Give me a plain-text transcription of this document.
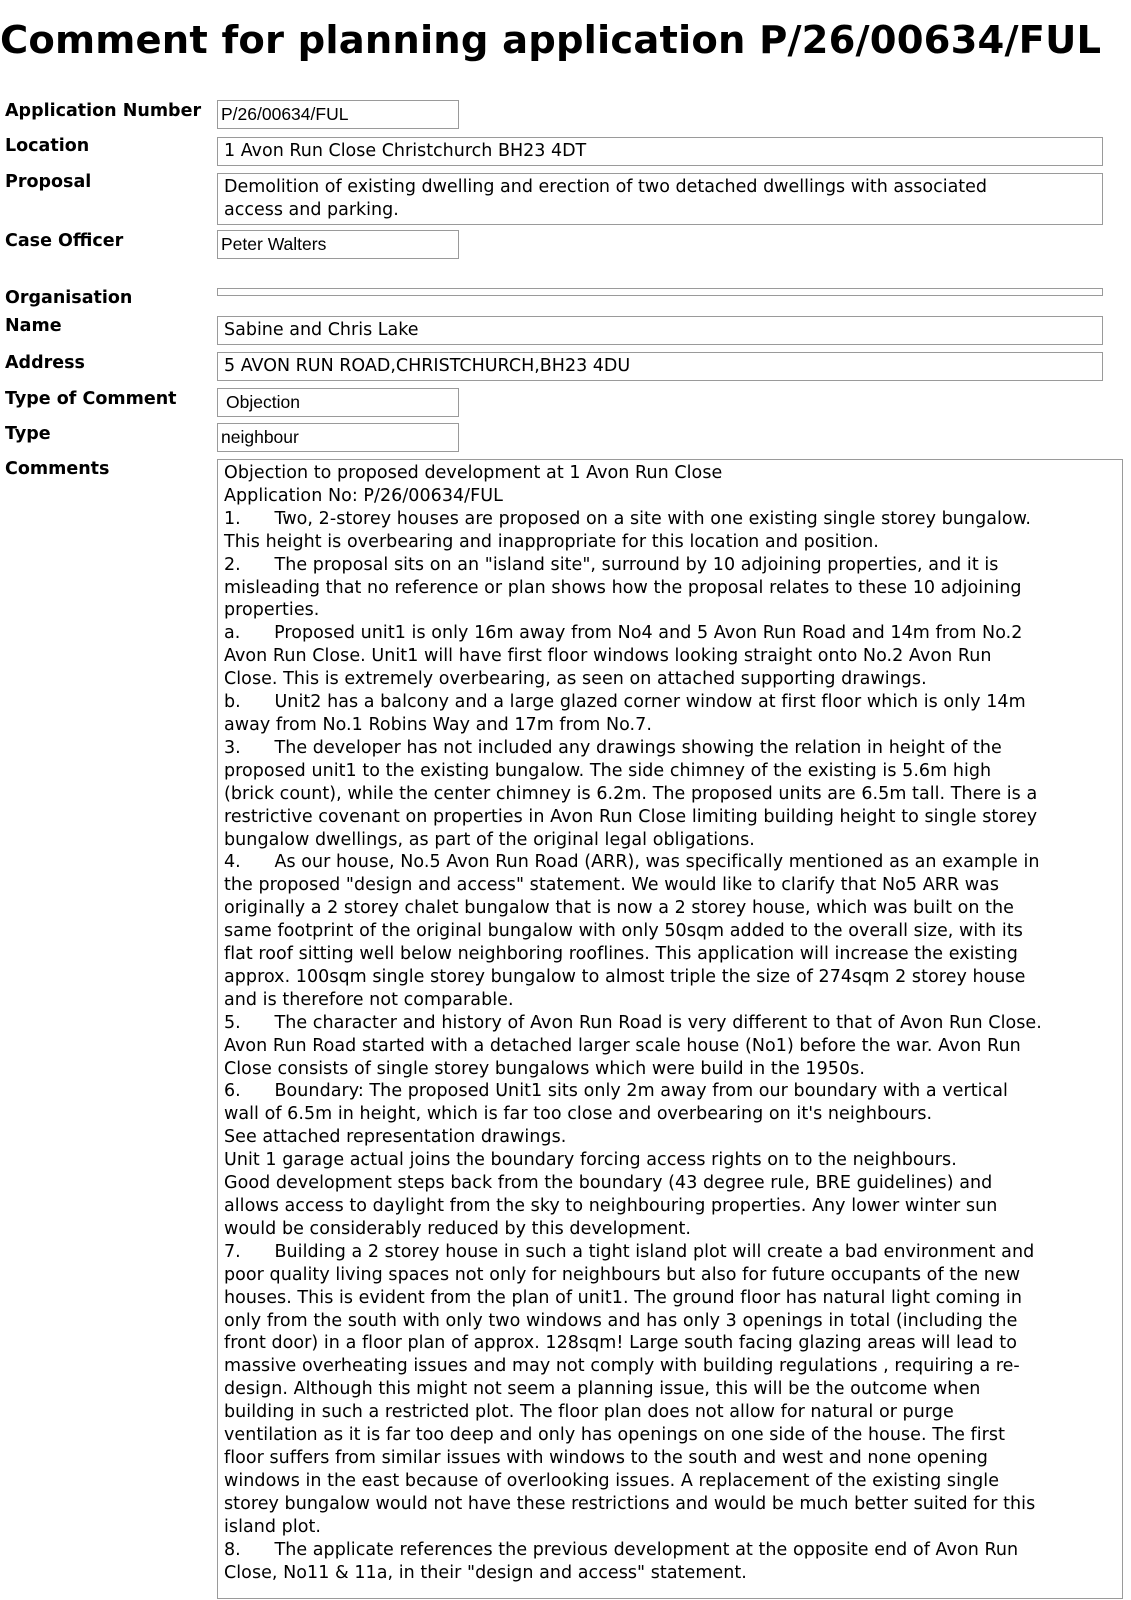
Comment for planning application P/26/00634/FUL
Application Number P/26/00634/FUL
Location	1 Avon Run Close Christchurch BH23 4DT
Proposal	Demolition of existing dwelling and erection of two detached dwellings with associated
access and parking.
Case Officer	Peter Walters
Organisation
Name	Sabine and Chris Lake
Address	5 AVON RUN ROAD,CHRISTCHURCH,BH23 4DU
Type of Comment	Objection
Type	neighbour
Comments	Objection to proposed development at 1 Avon Run Close
Application No: P/26/00634/FUL
1.      Two, 2-storey houses are proposed on a site with one existing single storey bungalow.
This height is overbearing and inappropriate for this location and position.
2.      The proposal sits on an "island site", surround by 10 adjoining properties, and it is
misleading that no reference or plan shows how the proposal relates to these 10 adjoining
properties.
a.      Proposed unit1 is only 16m away from No4 and 5 Avon Run Road and 14m from No.2
Avon Run Close. Unit1 will have first floor windows looking straight onto No.2 Avon Run
Close. This is extremely overbearing, as seen on attached supporting drawings.
b.      Unit2 has a balcony and a large glazed corner window at first floor which is only 14m
away from No.1 Robins Way and 17m from No.7.
3.      The developer has not included any drawings showing the relation in height of the
proposed unit1 to the existing bungalow. The side chimney of the existing is 5.6m high
(brick count), while the center chimney is 6.2m. The proposed units are 6.5m tall. There is a
restrictive covenant on properties in Avon Run Close limiting building height to single storey
bungalow dwellings, as part of the original legal obligations.
4.      As our house, No.5 Avon Run Road (ARR), was specifically mentioned as an example in
the proposed "design and access" statement. We would like to clarify that No5 ARR was
originally a 2 storey chalet bungalow that is now a 2 storey house, which was built on the
same footprint of the original bungalow with only 50sqm added to the overall size, with its
flat roof sitting well below neighboring rooflines. This application will increase the existing
approx. 100sqm single storey bungalow to almost triple the size of 274sqm 2 storey house
and is therefore not comparable.
5.      The character and history of Avon Run Road is very different to that of Avon Run Close.
Avon Run Road started with a detached larger scale house (No1) before the war. Avon Run
Close consists of single storey bungalows which were build in the 1950s.
6.      Boundary: The proposed Unit1 sits only 2m away from our boundary with a vertical
wall of 6.5m in height, which is far too close and overbearing on it's neighbours.
See attached representation drawings.
Unit 1 garage actual joins the boundary forcing access rights on to the neighbours.
Good development steps back from the boundary (43 degree rule, BRE guidelines) and
allows access to daylight from the sky to neighbouring properties. Any lower winter sun
would be considerably reduced by this development.
7.      Building a 2 storey house in such a tight island plot will create a bad environment and
poor quality living spaces not only for neighbours but also for future occupants of the new
houses. This is evident from the plan of unit1. The ground floor has natural light coming in
only from the south with only two windows and has only 3 openings in total (including the
front door) in a floor plan of approx. 128sqm! Large south facing glazing areas will lead to
massive overheating issues and may not comply with building regulations , requiring a re-
design. Although this might not seem a planning issue, this will be the outcome when
building in such a restricted plot. The floor plan does not allow for natural or purge
ventilation as it is far too deep and only has openings on one side of the house. The first
floor suffers from similar issues with windows to the south and west and none opening
windows in the east because of overlooking issues. A replacement of the existing single
storey bungalow would not have these restrictions and would be much better suited for this
island plot.
8.      The applicate references the previous development at the opposite end of Avon Run
Close, No11 & 11a, in their "design and access" statement.
